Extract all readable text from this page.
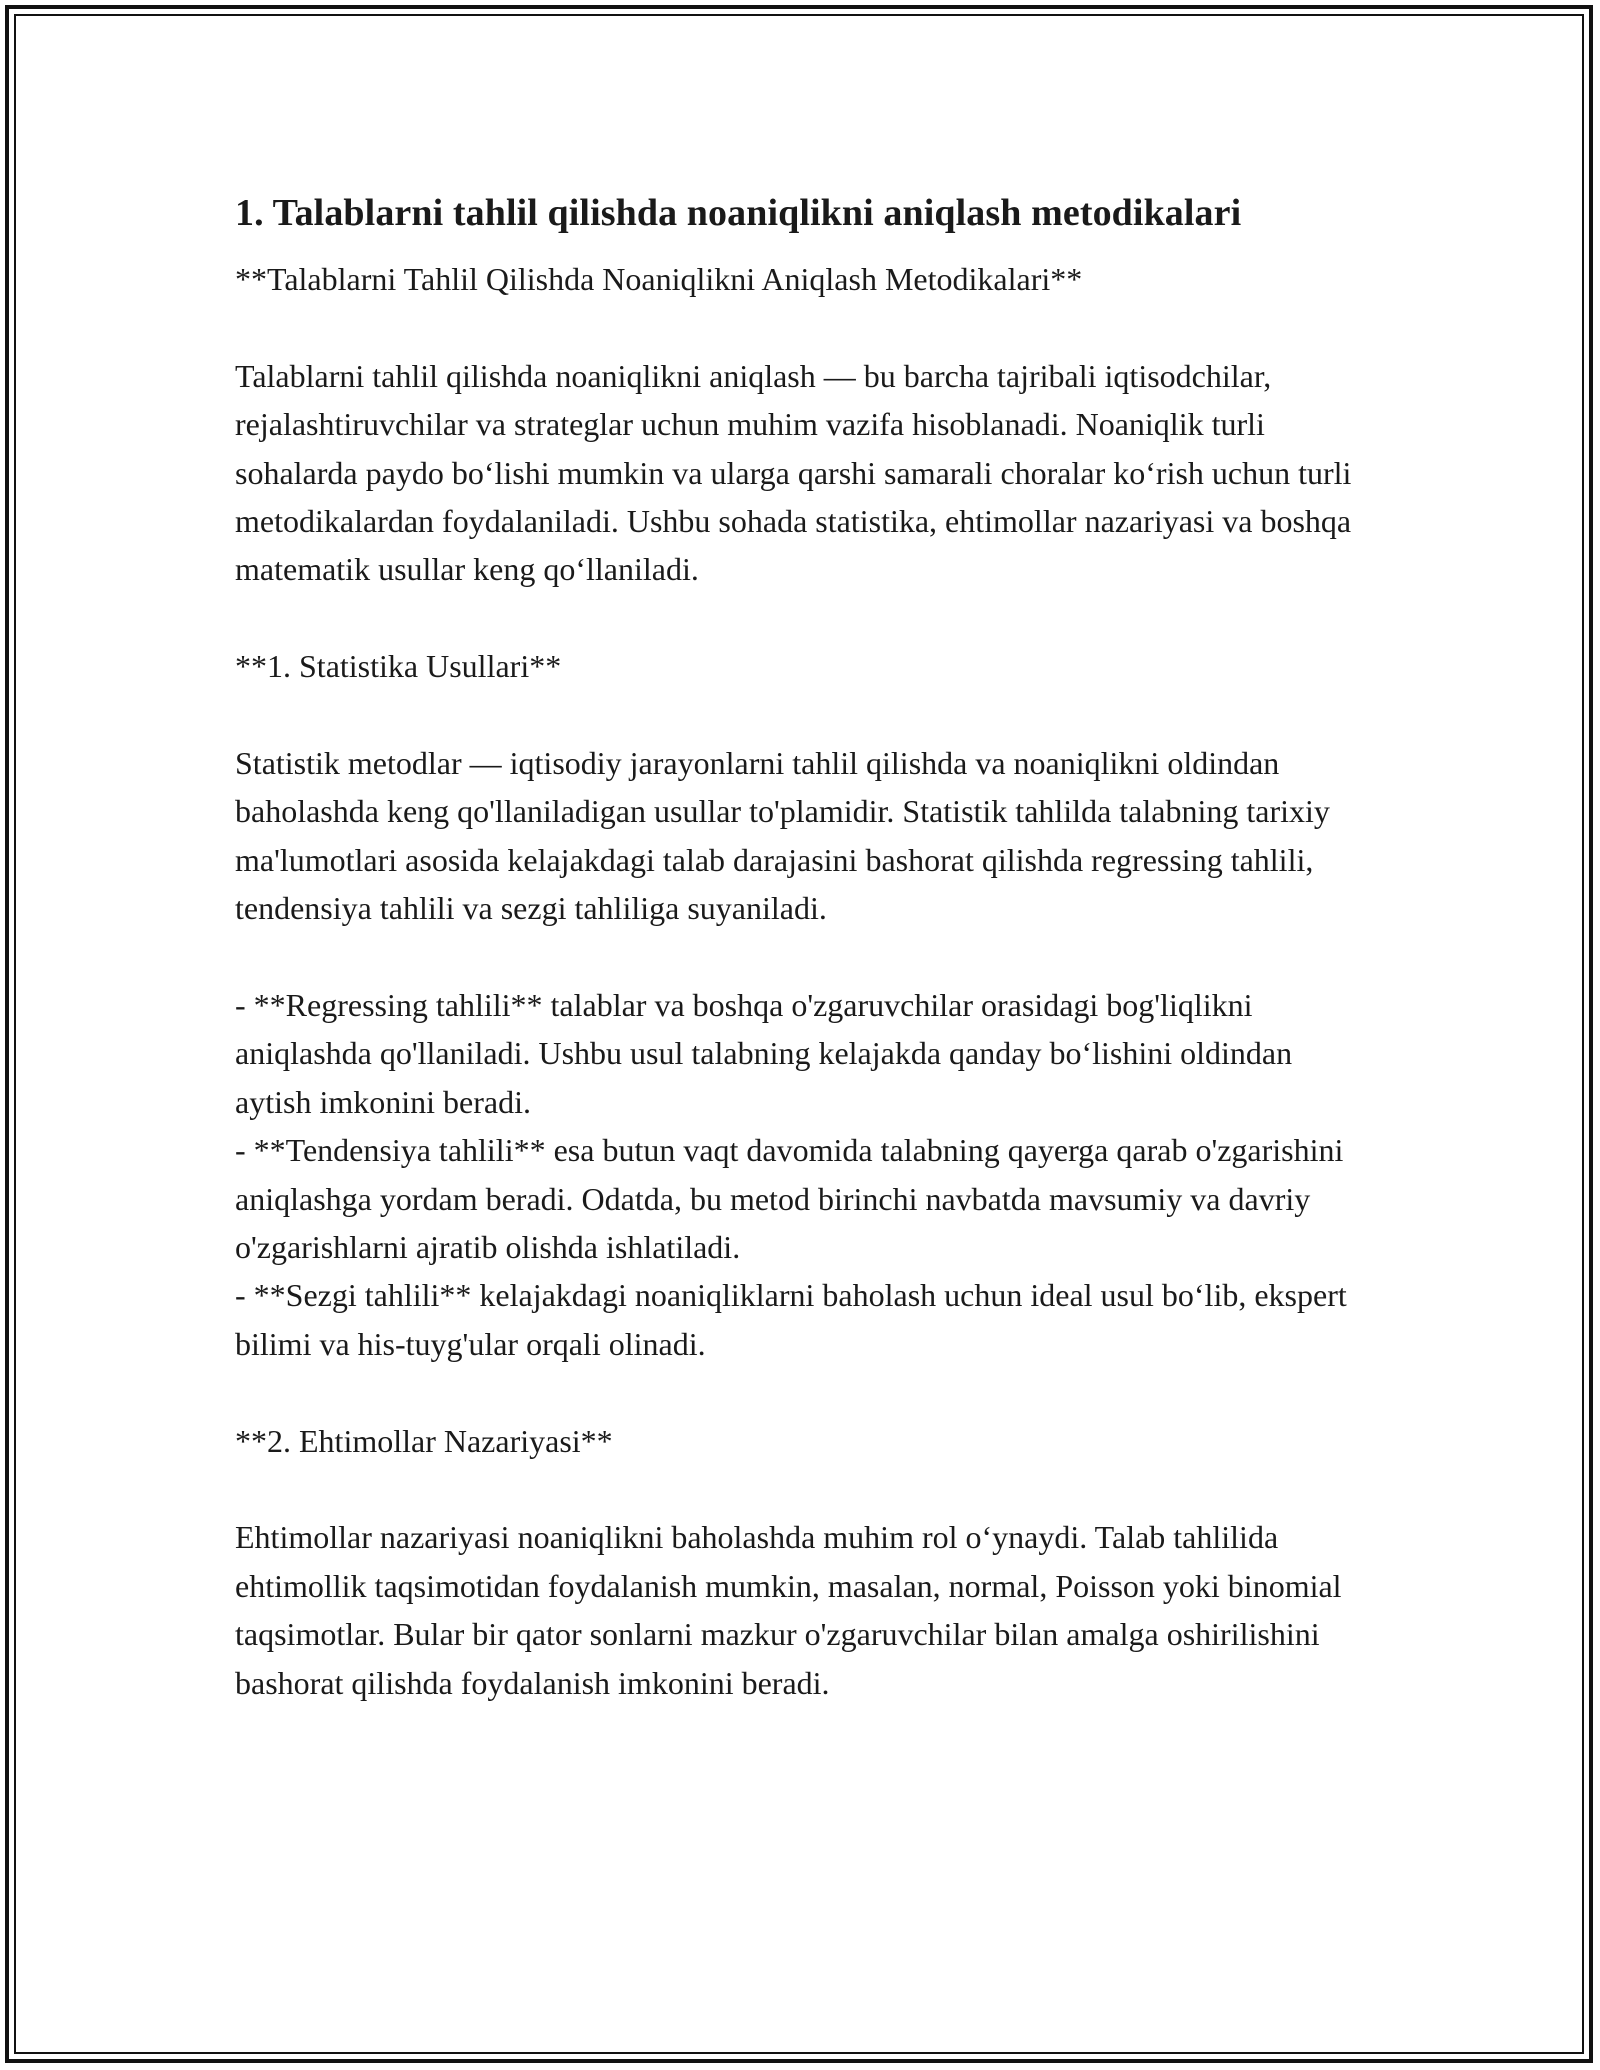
1. Talablarni tahlil qilishda noaniqlikni aniqlash metodikalari

**Talablarni Tahlil Qilishda Noaniqlikni Aniqlash Metodikalari**

Talablarni tahlil qilishda noaniqlikni aniqlash — bu barcha tajribali iqtisodchilar, rejalashtiruvchilar va strateglar uchun muhim vazifa hisoblanadi. Noaniqlik turli sohalarda paydo bo‘lishi mumkin va ularga qarshi samarali choralar ko‘rish uchun turli metodikalardan foydalaniladi. Ushbu sohada statistika, ehtimollar nazariyasi va boshqa matematik usullar keng qo‘llaniladi.

**1. Statistika Usullari**

Statistik metodlar — iqtisodiy jarayonlarni tahlil qilishda va noaniqlikni oldindan baholashda keng qo'llaniladigan usullar to'plamidir. Statistik tahlilda talabning tarixiy ma'lumotlari asosida kelajakdagi talab darajasini bashorat qilishda regressing tahlili, tendensiya tahlili va sezgi tahliliga suyaniladi.

- **Regressing tahlili** talablar va boshqa o'zgaruvchilar orasidagi bog'liqlikni aniqlashda qo'llaniladi. Ushbu usul talabning kelajakda qanday bo‘lishini oldindan aytish imkonini beradi.
- **Tendensiya tahlili** esa butun vaqt davomida talabning qayerga qarab o'zgarishini aniqlashga yordam beradi. Odatda, bu metod birinchi navbatda mavsumiy va davriy o'zgarishlarni ajratib olishda ishlatiladi.
- **Sezgi tahlili** kelajakdagi noaniqliklarni baholash uchun ideal usul bo‘lib, ekspert bilimi va his-tuyg'ular orqali olinadi.

**2. Ehtimollar Nazariyasi**

Ehtimollar nazariyasi noaniqlikni baholashda muhim rol o‘ynaydi. Talab tahlilida ehtimollik taqsimotidan foydalanish mumkin, masalan, normal, Poisson yoki binomial taqsimotlar. Bular bir qator sonlarni mazkur o'zgaruvchilar bilan amalga oshirilishini bashorat qilishda foydalanish imkonini beradi.
